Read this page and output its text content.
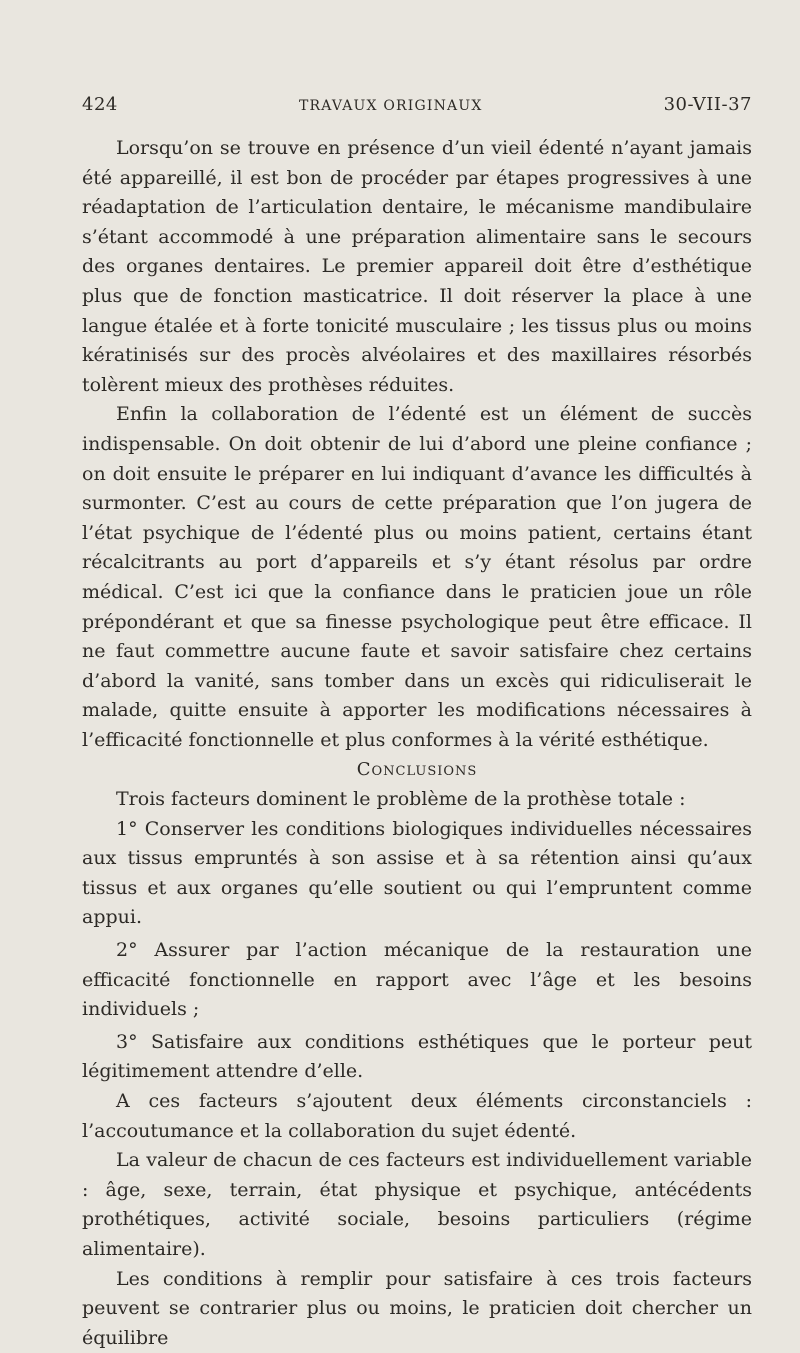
424	TRAVAUX ORIGINAUX	30-VII-37

Lorsqu’on se trouve en présence d’un vieil édenté n’ayant jamais été appareillé, il est bon de procéder par étapes progressives à une réadaptation de l’articulation dentaire, le mécanisme mandibulaire s’étant accommodé à une préparation alimentaire sans le secours des organes dentaires. Le premier appareil doit être d’esthétique plus que de fonction masticatrice. Il doit réserver la place à une langue étalée et à forte tonicité musculaire ; les tissus plus ou moins kératinisés sur des procès alvéolaires et des maxillaires résorbés tolèrent mieux des prothèses réduites.

Enfin la collaboration de l’édenté est un élément de succès indispensable. On doit obtenir de lui d’abord une pleine confiance ; on doit ensuite le préparer en lui indiquant d’avance les difficultés à surmonter. C’est au cours de cette préparation que l’on jugera de l’état psychique de l’édenté plus ou moins patient, certains étant récalcitrants au port d’appareils et s’y étant résolus par ordre médical. C’est ici que la confiance dans le praticien joue un rôle prépondérant et que sa finesse psychologique peut être efficace. Il ne faut commettre aucune faute et savoir satisfaire chez certains d’abord la vanité, sans tomber dans un excès qui ridiculiserait le malade, quitte ensuite à apporter les modifications nécessaires à l’efficacité fonctionnelle et plus conformes à la vérité esthétique.

Conclusions

Trois facteurs dominent le problème de la prothèse totale :

1° Conserver les conditions biologiques individuelles nécessaires aux tissus empruntés à son assise et à sa rétention ainsi qu’aux tissus et aux organes qu’elle soutient ou qui l’empruntent comme appui.

2° Assurer par l’action mécanique de la restauration une efficacité fonctionnelle en rapport avec l’âge et les besoins individuels ;

3° Satisfaire aux conditions esthétiques que le porteur peut légitimement attendre d’elle.

A ces facteurs s’ajoutent deux éléments circonstanciels : l’accoutumance et la collaboration du sujet édenté.

La valeur de chacun de ces facteurs est individuellement variable : âge, sexe, terrain, état physique et psychique, antécédents prothétiques, activité sociale, besoins particuliers (régime alimentaire).

Les conditions à remplir pour satisfaire à ces trois facteurs peuvent se contrarier plus ou moins, le praticien doit chercher un équilibre
